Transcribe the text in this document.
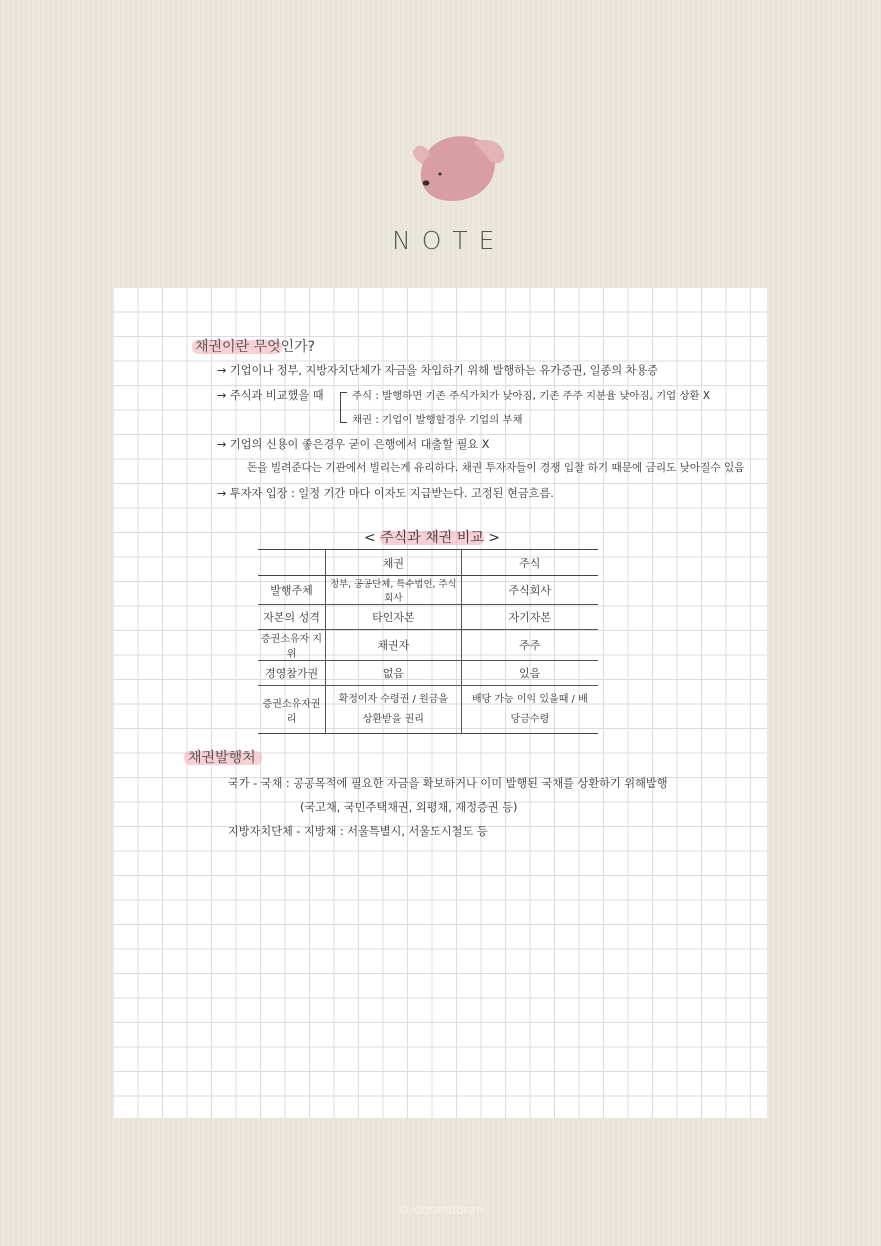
NOTE
채권이란 무엇인가?
→ 기업이나 정부, 지방자치단체가 자금을 차입하기 위해 발행하는 유가증권, 일종의 차용증
→ 주식과 비교했을 때	주식 : 발행하면 기존 주식가치가 낮아짐, 기존 주주 지분율 낮아짐, 기업 상환 X
채권 : 기업이 발행할경우 기업의 부채
→ 기업의 신용이 좋은경우 굳이 은행에서 대출할 필요 X
돈을 빌려준다는 기관에서 빌리는게 유리하다. 채권 투자자들이 경쟁 입찰 하기 때문에 금리도 낮아질수 있음
→ 투자자 입장 : 일정 기간 마다 이자도 지급받는다. 고정된 현금흐름.
< 주식과 채권 비교 >
	채권	주식
발행주체	정부, 공공단체, 특수법인, 주식회사	주식회사
자본의 성격	타인자본	자기자본
증권소유자 지위	채권자	주주
경영참가권	없음	있음
증권소유자권리	확정이자 수령권 / 원금을 상환받을 권리	배당 가능 이익 있을때 / 배당금수령
채권발행처
국가 - 국채 : 공공목적에 필요한 자금을 확보하거나 이미 발행된 국채를 상환하기 위해발행
(국고채, 국민주택채권, 외평채, 재정증권 등)
지방자치단체 - 지방채 : 서울특별시, 서울도시철도 등
© dorandoran
